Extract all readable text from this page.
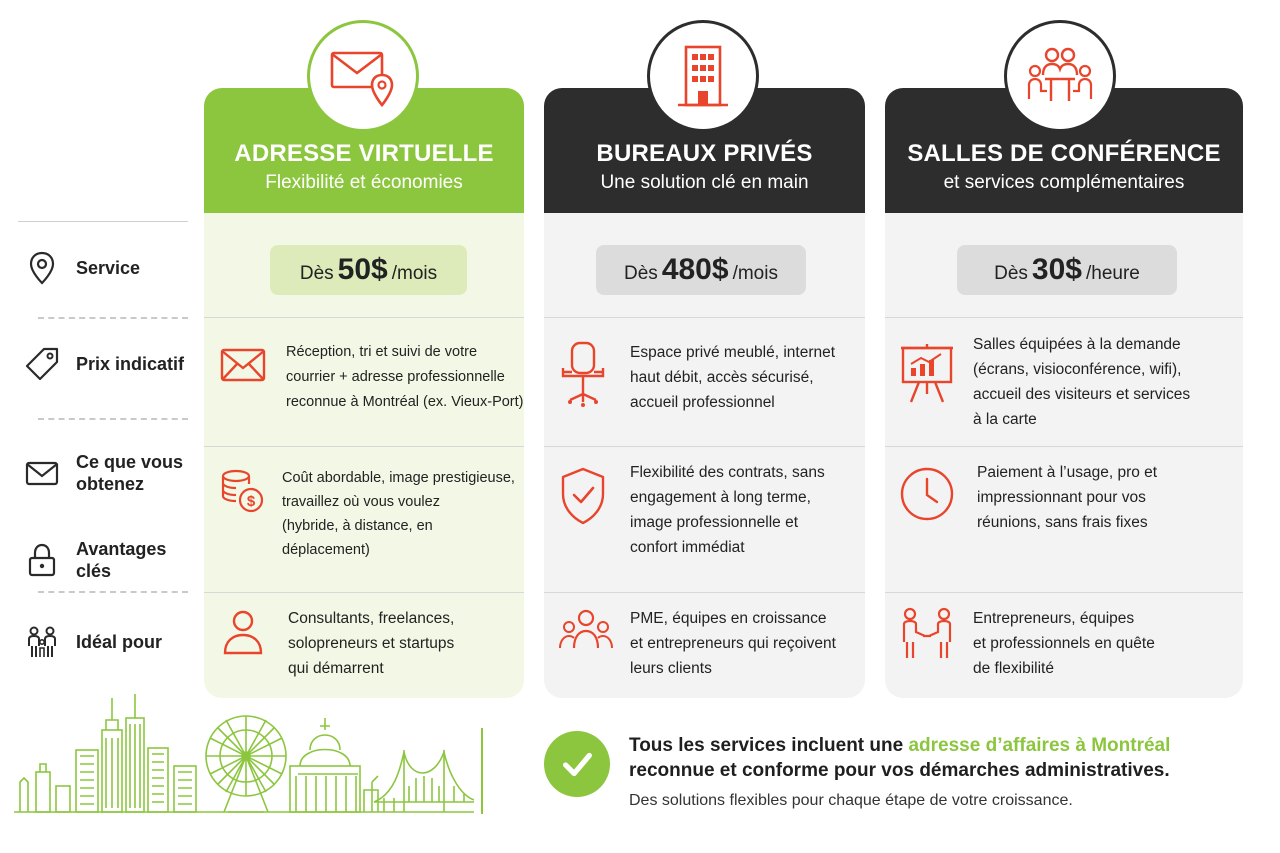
Service
Prix indicatif
Ce que vous
obtenez
Avantages
clés
Idéal pour
ADRESSE VIRTUELLE
Flexibilité et économies
Dès 50$ /mois

Réception, tri et suivi de votre
courrier + adresse professionnelle
reconnue à Montréal (ex. Vieux-Port)

$

Coût abordable, image prestigieuse,
travaillez où vous voulez
(hybride, à distance, en déplacement)

Consultants, freelances,
solopreneurs et startups
qui démarrent

BUREAUX PRIVÉS
Une solution clé en main
Dès 480$ /mois

Espace privé meublé, internet
haut débit, accès sécurisé,
accueil professionnel

Flexibilité des contrats, sans
engagement à long terme,
image professionnelle et
confort immédiat

PME, équipes en croissance
et entrepreneurs qui reçoivent
leurs clients

SALLES DE CONFÉRENCE
et services complémentaires
Dès 30$ /heure

Salles équipées à la demande
(écrans, visioconférence, wifi),
accueil des visiteurs et services
à la carte

Paiement à l’usage, pro et
impressionnant pour vos
réunions, sans frais fixes

Entrepreneurs, équipes
et professionnels en quête
de flexibilité

Tous les services incluent une adresse d’affaires à Montréal
reconnue et conforme pour vos démarches administratives.
Des solutions flexibles pour chaque étape de votre croissance.
